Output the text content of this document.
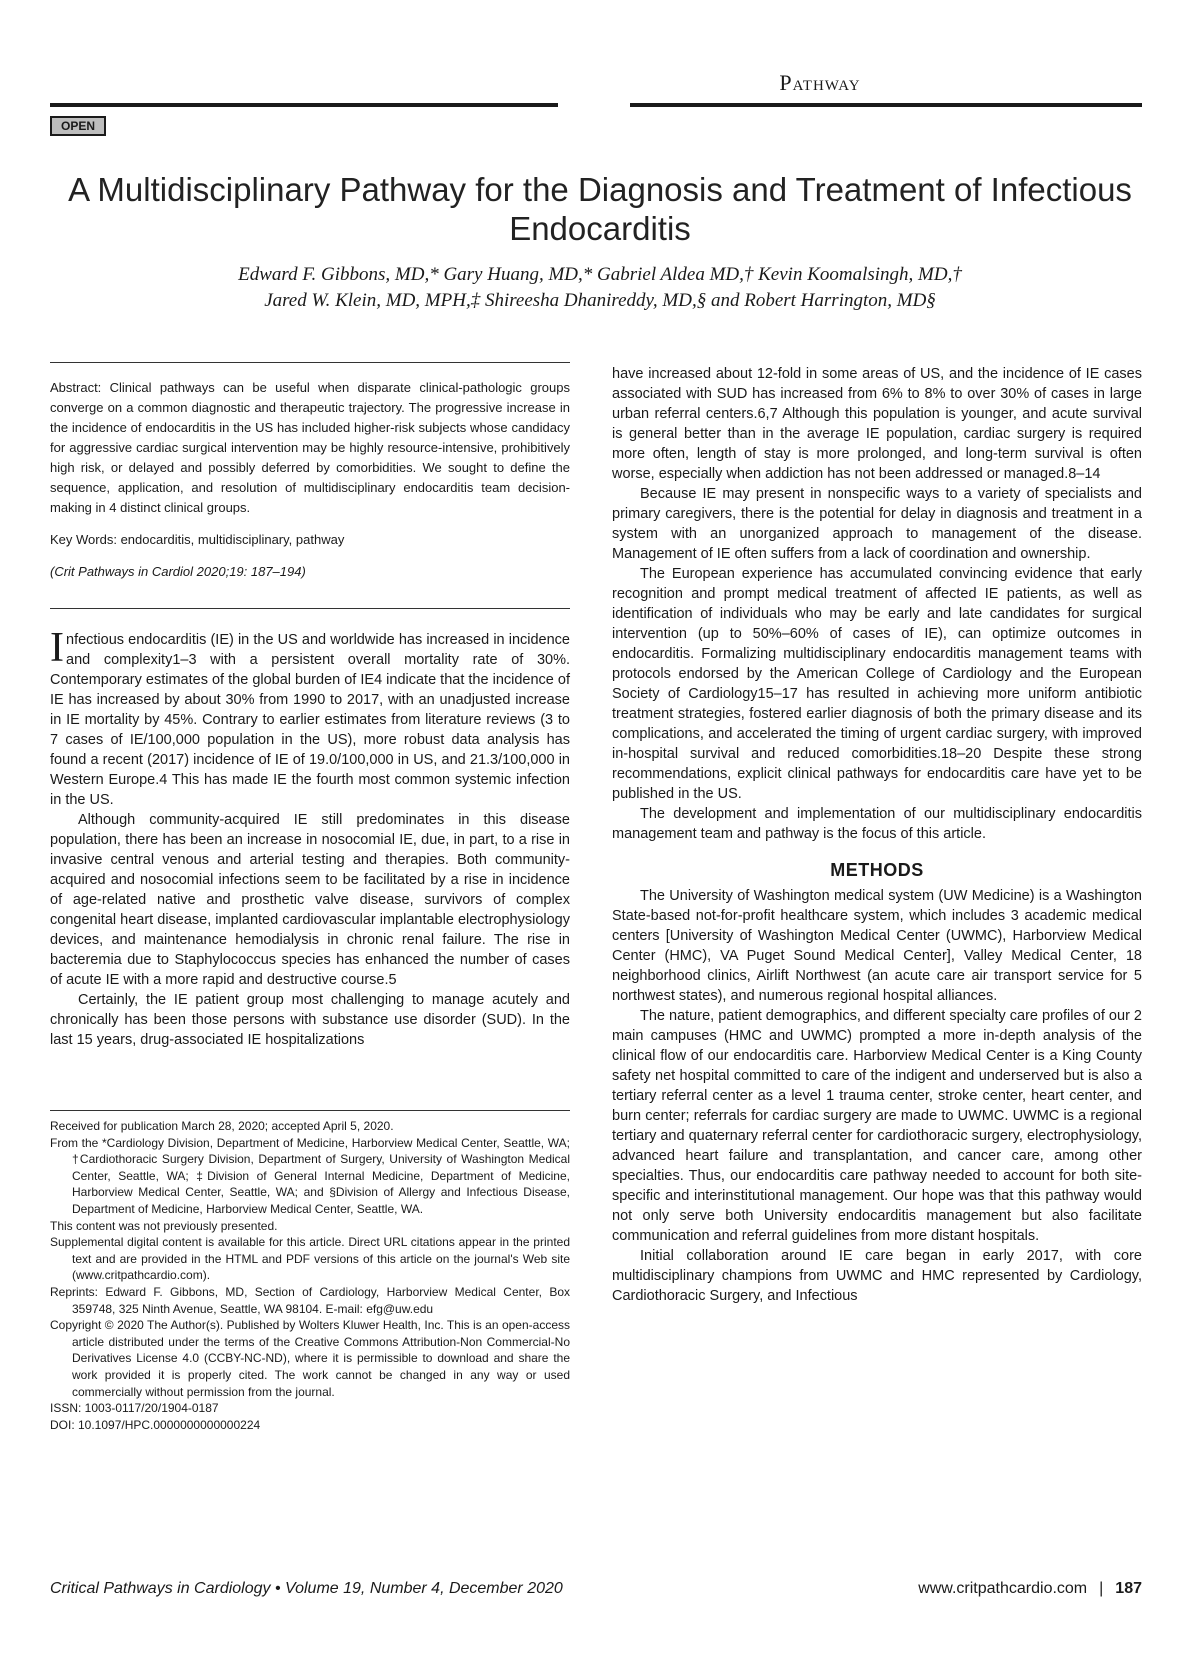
Pathway
OPEN
A Multidisciplinary Pathway for the Diagnosis and Treatment of Infectious Endocarditis
Edward F. Gibbons, MD,* Gary Huang, MD,* Gabriel Aldea MD,† Kevin Koomalsingh, MD,†
Jared W. Klein, MD, MPH,‡ Shireesha Dhanireddy, MD,§ and Robert Harrington, MD§

Abstract: Clinical pathways can be useful when disparate clinical-pathologic groups converge on a common diagnostic and therapeutic trajectory. The progressive increase in the incidence of endocarditis in the US has included higher-risk subjects whose candidacy for aggressive cardiac surgical intervention may be highly resource-intensive, prohibitively high risk, or delayed and possibly deferred by comorbidities. We sought to define the sequence, application, and resolution of multidisciplinary endocarditis team decision-making in 4 distinct clinical groups.

Key Words: endocarditis, multidisciplinary, pathway

(Crit Pathways in Cardiol 2020;19: 187–194)

Infectious endocarditis (IE) in the US and worldwide has increased in incidence and complexity1–3 with a persistent overall mortality rate of 30%. Contemporary estimates of the global burden of IE4 indicate that the incidence of IE has increased by about 30% from 1990 to 2017, with an unadjusted increase in IE mortality by 45%. Contrary to earlier estimates from literature reviews (3 to 7 cases of IE/100,000 population in the US), more robust data analysis has found a recent (2017) incidence of IE of 19.0/100,000 in US, and 21.3/100,000 in Western Europe.4 This has made IE the fourth most common systemic infection in the US.

Although community-acquired IE still predominates in this disease population, there has been an increase in nosocomial IE, due, in part, to a rise in invasive central venous and arterial testing and therapies. Both community-acquired and nosocomial infections seem to be facilitated by a rise in incidence of age-related native and prosthetic valve disease, survivors of complex congenital heart disease, implanted cardiovascular implantable electrophysiology devices, and maintenance hemodialysis in chronic renal failure. The rise in bacteremia due to Staphylococcus species has enhanced the number of cases of acute IE with a more rapid and destructive course.5

Certainly, the IE patient group most challenging to manage acutely and chronically has been those persons with substance use disorder (SUD). In the last 15 years, drug-associated IE hospitalizations

Received for publication March 28, 2020; accepted April 5, 2020.

From the *Cardiology Division, Department of Medicine, Harborview Medical Center, Seattle, WA; †Cardiothoracic Surgery Division, Department of Surgery, University of Washington Medical Center, Seattle, WA; ‡Division of General Internal Medicine, Department of Medicine, Harborview Medical Center, Seattle, WA; and §Division of Allergy and Infectious Disease, Department of Medicine, Harborview Medical Center, Seattle, WA.

This content was not previously presented.

Supplemental digital content is available for this article. Direct URL citations appear in the printed text and are provided in the HTML and PDF versions of this article on the journal's Web site (www.critpathcardio.com).

Reprints: Edward F. Gibbons, MD, Section of Cardiology, Harborview Medical Center, Box 359748, 325 Ninth Avenue, Seattle, WA 98104. E-mail: efg@uw.edu

Copyright © 2020 The Author(s). Published by Wolters Kluwer Health, Inc. This is an open-access article distributed under the terms of the Creative Commons Attribution-Non Commercial-No Derivatives License 4.0 (CCBY-NC-ND), where it is permissible to download and share the work provided it is properly cited. The work cannot be changed in any way or used commercially without permission from the journal.

ISSN: 1003-0117/20/1904-0187

DOI: 10.1097/HPC.0000000000000224

have increased about 12-fold in some areas of US, and the incidence of IE cases associated with SUD has increased from 6% to 8% to over 30% of cases in large urban referral centers.6,7 Although this population is younger, and acute survival is general better than in the average IE population, cardiac surgery is required more often, length of stay is more prolonged, and long-term survival is often worse, especially when addiction has not been addressed or managed.8–14

Because IE may present in nonspecific ways to a variety of specialists and primary caregivers, there is the potential for delay in diagnosis and treatment in a system with an unorganized approach to management of the disease. Management of IE often suffers from a lack of coordination and ownership.

The European experience has accumulated convincing evidence that early recognition and prompt medical treatment of affected IE patients, as well as identification of individuals who may be early and late candidates for surgical intervention (up to 50%–60% of cases of IE), can optimize outcomes in endocarditis. Formalizing multidisciplinary endocarditis management teams with protocols endorsed by the American College of Cardiology and the European Society of Cardiology15–17 has resulted in achieving more uniform antibiotic treatment strategies, fostered earlier diagnosis of both the primary disease and its complications, and accelerated the timing of urgent cardiac surgery, with improved in-hospital survival and reduced comorbidities.18–20 Despite these strong recommendations, explicit clinical pathways for endocarditis care have yet to be published in the US.

The development and implementation of our multidisciplinary endocarditis management team and pathway is the focus of this article.

METHODS

The University of Washington medical system (UW Medicine) is a Washington State-based not-for-profit healthcare system, which includes 3 academic medical centers [University of Washington Medical Center (UWMC), Harborview Medical Center (HMC), VA Puget Sound Medical Center], Valley Medical Center, 18 neighborhood clinics, Airlift Northwest (an acute care air transport service for 5 northwest states), and numerous regional hospital alliances.

The nature, patient demographics, and different specialty care profiles of our 2 main campuses (HMC and UWMC) prompted a more in-depth analysis of the clinical flow of our endocarditis care. Harborview Medical Center is a King County safety net hospital committed to care of the indigent and underserved but is also a tertiary referral center as a level 1 trauma center, stroke center, heart center, and burn center; referrals for cardiac surgery are made to UWMC. UWMC is a regional tertiary and quaternary referral center for cardiothoracic surgery, electrophysiology, advanced heart failure and transplantation, and cancer care, among other specialties. Thus, our endocarditis care pathway needed to account for both site-specific and interinstitutional management. Our hope was that this pathway would not only serve both University endocarditis management but also facilitate communication and referral guidelines from more distant hospitals.

Initial collaboration around IE care began in early 2017, with core multidisciplinary champions from UWMC and HMC represented by Cardiology, Cardiothoracic Surgery, and Infectious

Critical Pathways in Cardiology • Volume 19, Number 4, December 2020	www.critpathcardio.com | 187
